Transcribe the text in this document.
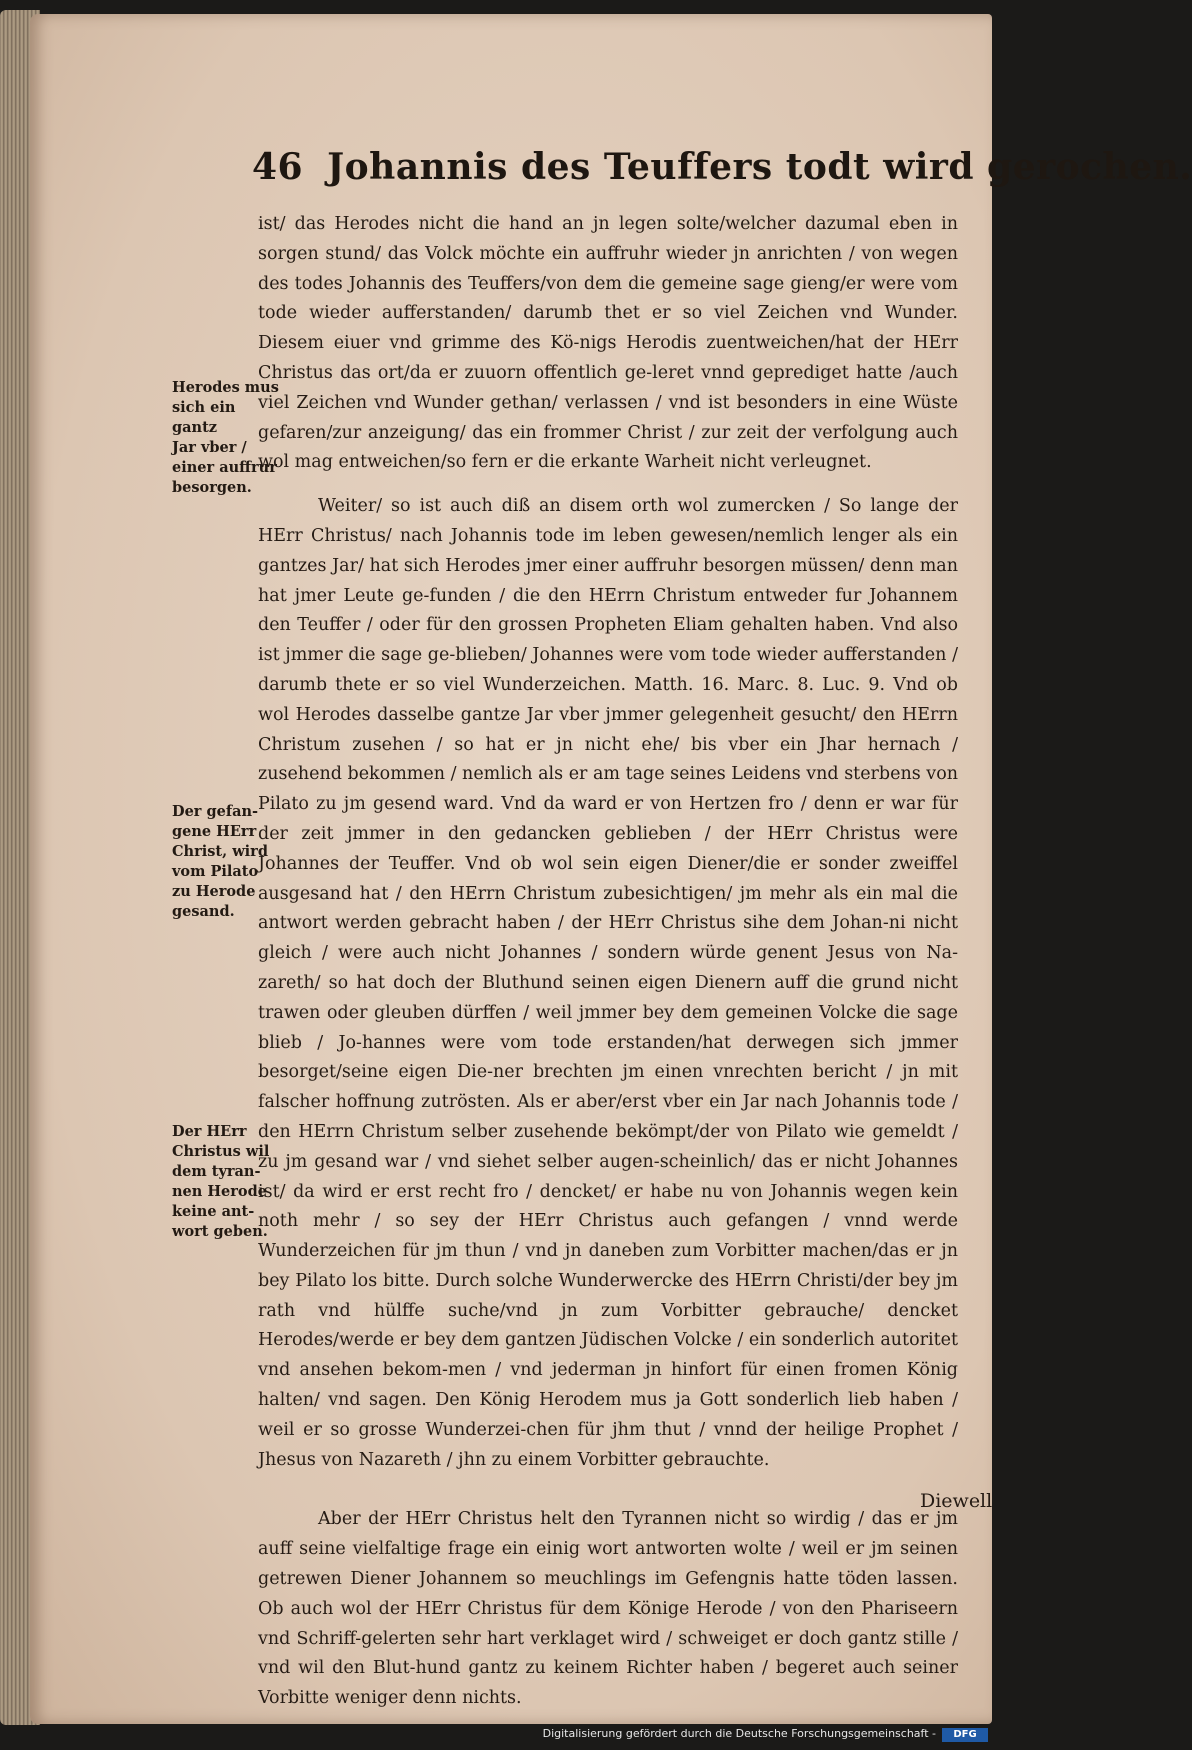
46 Johannis des Teuffers todt wird gerochen.
Herodes mus
sich ein gantz
Jar vber /
einer auffrur
besorgen.
Der gefan-
gene HErr
Christ, wird
vom Pilato
zu Herode
gesand.
Der HErr
Christus wil
dem tyran-
nen Herode
keine ant-
wort geben.

ist/ das Herodes nicht die hand an jn legen solte/welcher dazumal eben in sorgen stund/ das Volck möchte ein auffruhr wieder jn anrichten / von wegen des todes Johannis des Teuffers/von dem die gemeine sage gieng/er were vom tode wieder aufferstanden/ darumb thet er so viel Zeichen vnd Wunder. Diesem eiuer vnd grimme des Kö-nigs Herodis zuentweichen/hat der HErr Christus das ort/da er zuuorn offentlich ge-leret vnnd geprediget hatte /auch viel Zeichen vnd Wunder gethan/ verlassen / vnd ist besonders in eine Wüste gefaren/zur anzeigung/ das ein frommer Christ / zur zeit der verfolgung auch wol mag entweichen/so fern er die erkante Warheit nicht verleugnet.

Weiter/ so ist auch diß an disem orth wol zumercken / So lange der HErr Christus/ nach Johannis tode im leben gewesen/nemlich lenger als ein gantzes Jar/ hat sich Herodes jmer einer auffruhr besorgen müssen/ denn man hat jmer Leute ge-funden / die den HErrn Christum entweder fur Johannem den Teuffer / oder für den grossen Propheten Eliam gehalten haben. Vnd also ist jmmer die sage ge-blieben/ Johannes were vom tode wieder aufferstanden / darumb thete er so viel Wunderzeichen. Matth. 16. Marc. 8. Luc. 9. Vnd ob wol Herodes dasselbe gantze Jar vber jmmer gelegenheit gesucht/ den HErrn Christum zusehen / so hat er jn nicht ehe/ bis vber ein Jhar hernach / zusehend bekommen / nemlich als er am tage seines Leidens vnd sterbens von Pilato zu jm gesend ward. Vnd da ward er von Hertzen fro / denn er war für der zeit jmmer in den gedancken geblieben / der HErr Christus were Johannes der Teuffer. Vnd ob wol sein eigen Diener/die er sonder zweiffel ausgesand hat / den HErrn Christum zubesichtigen/ jm mehr als ein mal die antwort werden gebracht haben / der HErr Christus sihe dem Johan-ni nicht gleich / were auch nicht Johannes / sondern würde genent Jesus von Na-zareth/ so hat doch der Bluthund seinen eigen Dienern auff die grund nicht trawen oder gleuben dürffen / weil jmmer bey dem gemeinen Volcke die sage blieb / Jo-hannes were vom tode erstanden/hat derwegen sich jmmer besorget/seine eigen Die-ner brechten jm einen vnrechten bericht / jn mit falscher hoffnung zutrösten. Als er aber/erst vber ein Jar nach Johannis tode / den HErrn Christum selber zusehende bekömpt/der von Pilato wie gemeldt / zu jm gesand war / vnd siehet selber augen-scheinlich/ das er nicht Johannes ist/ da wird er erst recht fro / dencket/ er habe nu von Johannis wegen kein noth mehr / so sey der HErr Christus auch gefangen / vnnd werde Wunderzeichen für jm thun / vnd jn daneben zum Vorbitter machen/das er jn bey Pilato los bitte. Durch solche Wunderwercke des HErrn Christi/der bey jm rath vnd hülffe suche/vnd jn zum Vorbitter gebrauche/ dencket Herodes/werde er bey dem gantzen Jüdischen Volcke / ein sonderlich autoritet vnd ansehen bekom-men / vnd jederman jn hinfort für einen fromen König halten/ vnd sagen. Den König Herodem mus ja Gott sonderlich lieb haben / weil er so grosse Wunderzei-chen für jhm thut / vnnd der heilige Prophet / Jhesus von Nazareth / jhn zu einem Vorbitter gebrauchte.

Aber der HErr Christus helt den Tyrannen nicht so wirdig / das er jm auff seine vielfaltige frage ein einig wort antworten wolte / weil er jm seinen getrewen Diener Johannem so meuchlings im Gefengnis hatte töden lassen. Ob auch wol der HErr Christus für dem Könige Herode / von den Phariseern vnd Schriff-gelerten sehr hart verklaget wird / schweiget er doch gantz stille / vnd wil den Blut-hund gantz zu keinem Richter haben / begeret auch seiner Vorbitte weniger denn nichts.

Diewell
Digitalisierung gefördert durch die Deutsche Forschungsgemeinschaft -	DFG
